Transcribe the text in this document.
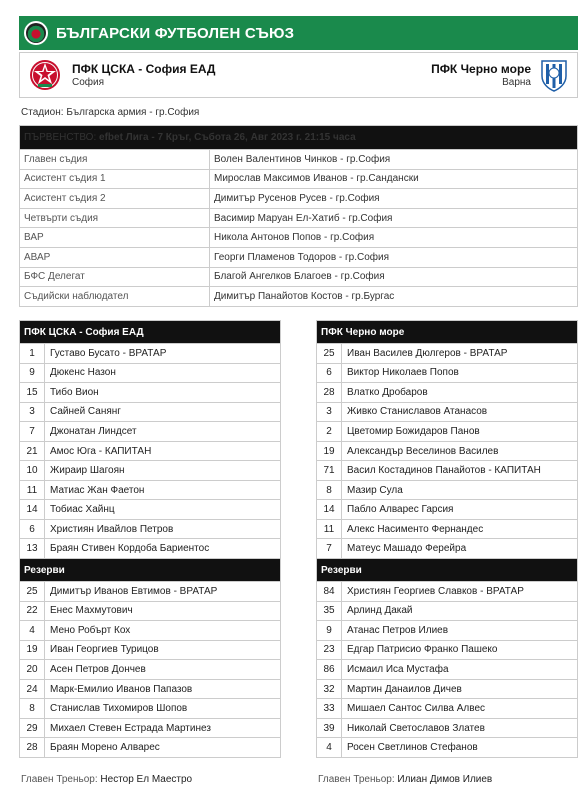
БЪЛГАРСКИ ФУТБОЛЕН СЪЮЗ
ПФК ЦСКА - София ЕАД
София
ПФК Черно море
Варна
Стадион: Българска армия - гр.София
ПЪРВЕНСТВО: efbet Лига - 7 Кръг, Събота 26, Авг 2023 г. 21:15 часа	
Главен съдия	Волен Валентинов Чинков - гр.София
Асистент съдия 1	Мирослав Максимов Иванов - гр.Сандански
Асистент съдия 2	Димитър Русенов Русев - гр.София
Четвърти съдия	Васимир Маруан Ел-Хатиб - гр.София
ВАР	Никола Антонов Попов - гр.София
АВАР	Георги Пламенов Тодоров - гр.София
БФС Делегат	Благой Ангелков Благоев - гр.София
Съдийски наблюдател	Димитър Панайотов Костов - гр.Бургас
ПФК ЦСКА - София ЕАД	
1	Густаво Бусато - ВРАТАР
9	Дюкенс Назон
15	Тибо Вион
3	Сайней Санянг
7	Джонатан Линдсет
21	Амос Юга - КАПИТАН
10	Жираир Шагоян
11	Матиас Жан Фаетон
14	Тобиас Хайнц
6	Християн Ивайлов Петров
13	Браян Стивен Кордоба Бариентос
Резерви	
25	Димитър Иванов Евтимов - ВРАТАР
22	Енес Махмутович
4	Мено Робърт Кох
19	Иван Георгиев Турицов
20	Асен Петров Дончев
24	Марк-Емилио Иванов Папазов
8	Станислав Тихомиров Шопов
29	Михаел Стевен Естрада Мартинез
28	Браян Морено Алварес
ПФК Черно море	
25	Иван Василев Дюлгеров - ВРАТАР
6	Виктор Николаев Попов
28	Влатко Дробаров
3	Живко Станиславов Атанасов
2	Цветомир Божидаров Панов
19	Александър Веселинов Василев
71	Васил Костадинов Панайотов - КАПИТАН
8	Мазир Сула
14	Пабло Алварес Гарсия
11	Алекс Насименто Фернандес
7	Матеус Машадо Ферейра
Резерви	
84	Християн Георгиев Славков - ВРАТАР
35	Арлинд Дакай
9	Атанас Петров Илиев
23	Едгар Патрисио Франко Пашеко
86	Исмаил Иса Мустафа
32	Мартин Данаилов Дичев
33	Мишаел Сантос Силва Алвес
39	Николай Светославов Златев
4	Росен Светлинов Стефанов
Главен Треньор: Нестор Ел Маестро	Главен Треньор: Илиан Димов Илиев
